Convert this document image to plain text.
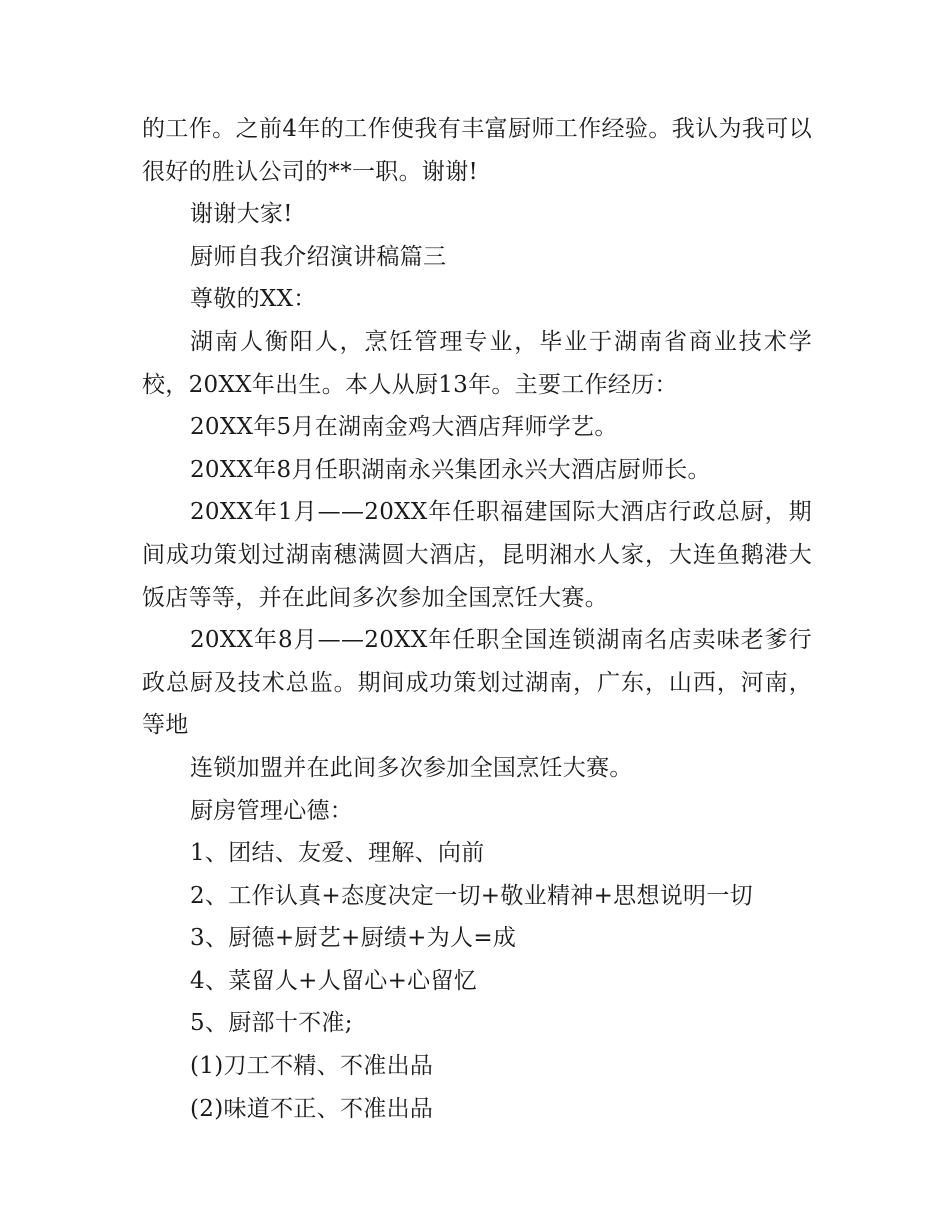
的工作。之前4年的工作使我有丰富厨师工作经验。我认为我可以很好的胜认公司的**一职。谢谢!

谢谢大家!

厨师自我介绍演讲稿篇三

尊敬的XX：

湖南人衡阳人，烹饪管理专业，毕业于湖南省商业技术学校，20XX年出生。本人从厨13年。主要工作经历：

20XX年5月在湖南金鸡大酒店拜师学艺。

20XX年8月任职湖南永兴集团永兴大酒店厨师长。

20XX年1月——20XX年任职福建国际大酒店行政总厨，期间成功策划过湖南穗满圆大酒店，昆明湘水人家，大连鱼鹅港大饭店等等，并在此间多次参加全国烹饪大赛。

20XX年8月——20XX年任职全国连锁湖南名店卖味老爹行政总厨及技术总监。期间成功策划过湖南，广东，山西，河南，等地

连锁加盟并在此间多次参加全国烹饪大赛。

厨房管理心德：

1、团结、友爱、理解、向前

2、工作认真+态度决定一切+敬业精神+思想说明一切

3、厨德+厨艺+厨绩+为人=成

4、菜留人+人留心+心留忆

5、厨部十不准;

(1)刀工不精、不准出品

(2)味道不正、不准出品
